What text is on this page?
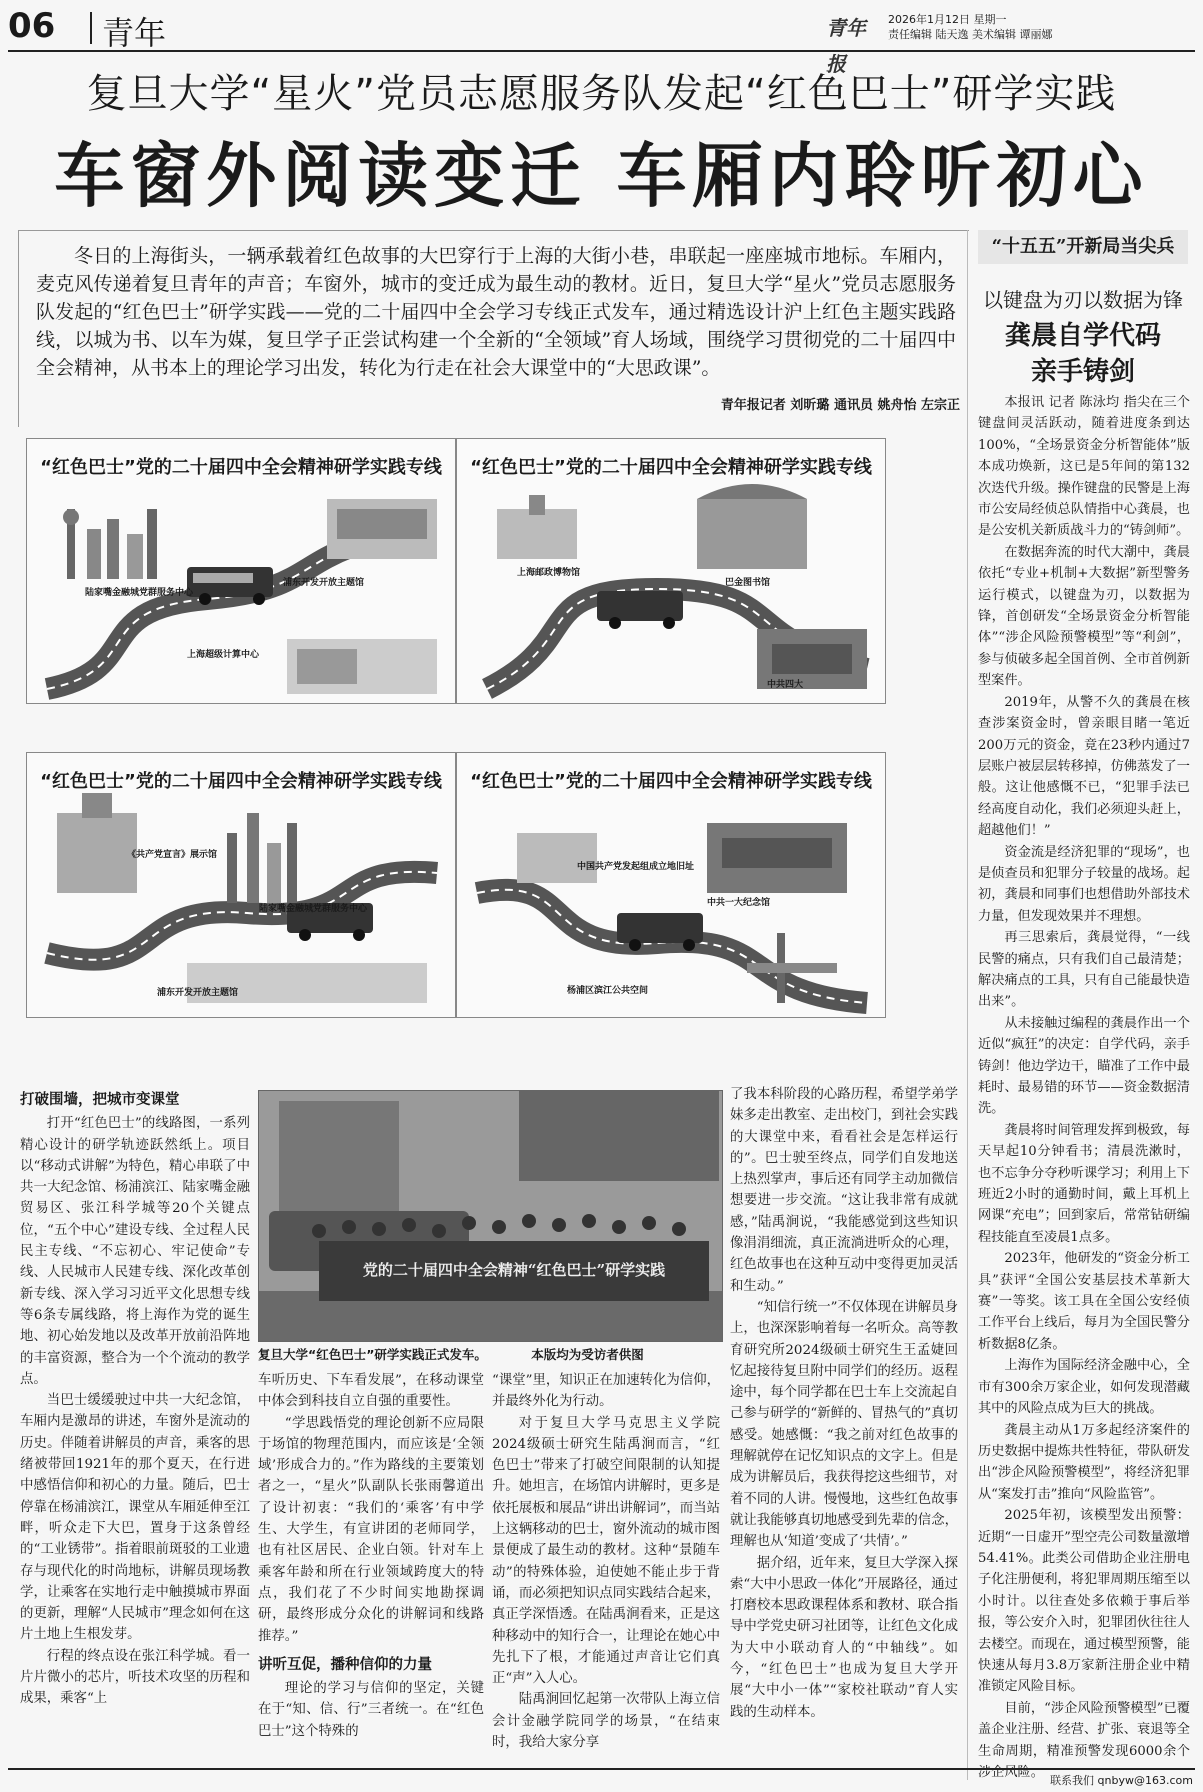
06 青年	青年报
2026年1月12日 星期一
责任编辑 陆天逸 美术编辑 谭丽娜
复旦大学“星火”党员志愿服务队发起“红色巴士”研学实践
车窗外阅读变迁 车厢内聆听初心
冬日的上海街头，一辆承载着红色故事的大巴穿行于上海的大街小巷，串联起一座座城市地标。车厢内，麦克风传递着复旦青年的声音；车窗外，城市的变迁成为最生动的教材。近日，复旦大学“星火”党员志愿服务队发起的“红色巴士”研学实践——党的二十届四中全会学习专线正式发车，通过精选设计沪上红色主题实践路线，以城为书、以车为媒，复旦学子正尝试构建一个全新的“全领域”育人场域，围绕学习贯彻党的二十届四中全会精神，从书本上的理论学习出发，转化为行走在社会大课堂中的“大思政课”。
青年报记者 刘昕璐 通讯员 姚舟怡 左宗正
“红色巴士”党的二十届四中全会精神研学实践专线
陆家嘴金融城党群服务中心
浦东开发开放主题馆
上海超级计算中心
“红色巴士”党的二十届四中全会精神研学实践专线
上海邮政博物馆
巴金图书馆
中共四大
“红色巴士”党的二十届四中全会精神研学实践专线
《共产党宣言》展示馆
陆家嘴金融城党群服务中心
浦东开发开放主题馆
“红色巴士”党的二十届四中全会精神研学实践专线
中国共产党发起组成立地旧址
中共一大纪念馆
杨浦区滨江公共空间
党的二十届四中全会精神“红色巴士”研学实践
复旦大学“红色巴士”研学实践正式发车。	本版均为受访者供图
打破围墙，把城市变课堂

打开“红色巴士”的线路图，一系列精心设计的研学轨迹跃然纸上。项目以“移动式讲解”为特色，精心串联了中共一大纪念馆、杨浦滨江、陆家嘴金融贸易区、张江科学城等20个关键点位，“五个中心”建设专线、全过程人民民主专线、“不忘初心、牢记使命”专线、人民城市人民建专线、深化改革创新专线、深入学习习近平文化思想专线等6条专属线路，将上海作为党的诞生地、初心始发地以及改革开放前沿阵地的丰富资源，整合为一个个流动的教学点。

当巴士缓缓驶过中共一大纪念馆，车厢内是激昂的讲述，车窗外是流动的历史。伴随着讲解员的声音，乘客的思绪被带回1921年的那个夏天，在行进中感悟信仰和初心的力量。随后，巴士停靠在杨浦滨江，课堂从车厢延伸至江畔，听众走下大巴，置身于这条曾经的“工业锈带”。指着眼前斑驳的工业遗存与现代化的时尚地标，讲解员现场教学，让乘客在实地行走中触摸城市界面的更新，理解“人民城市”理念如何在这片土地上生根发芽。

行程的终点设在张江科学城。看一片片微小的芯片，听技术攻坚的历程和成果，乘客“上

车听历史、下车看发展”，在移动课堂中体会到科技自立自强的重要性。

“学思践悟党的理论创新不应局限于场馆的物理范围内，而应该是‘全领域’形成合力的。”作为路线的主要策划者之一，“星火”队副队长张雨馨道出了设计初衷：“我们的‘乘客’有中学生、大学生，有宣讲团的老师同学，也有社区居民、企业白领。针对车上乘客年龄和所在行业领域跨度大的特点，我们花了不少时间实地勘探调研，最终形成分众化的讲解词和线路推荐。”

讲听互促，播种信仰的力量

理论的学习与信仰的坚定，关键在于“知、信、行”三者统一。在“红色巴士”这个特殊的

“课堂”里，知识正在加速转化为信仰，并最终外化为行动。

对于复旦大学马克思主义学院2024级硕士研究生陆禹涧而言，“红色巴士”带来了打破空间限制的认知提升。她坦言，在场馆内讲解时，更多是依托展板和展品“讲出讲解词”，而当站上这辆移动的巴士，窗外流动的城市图景便成了最生动的教材。这种“景随车动”的特殊体验，迫使她不能止步于背诵，而必须把知识点同实践结合起来，真正学深悟透。在陆禹涧看来，正是这种移动中的知行合一，让理论在她心中先扎下了根，才能通过声音让它们真正“声”入人心。

陆禹涧回忆起第一次带队上海立信会计金融学院同学的场景，“在结束时，我给大家分享

了我本科阶段的心路历程，希望学弟学妹多走出教室、走出校门，到社会实践的大课堂中来，看看社会是怎样运行的”。巴士驶至终点，同学们自发地送上热烈掌声，事后还有同学主动加微信想要进一步交流。“这让我非常有成就感，”陆禹涧说，“我能感觉到这些知识像涓涓细流，真正流淌进听众的心理，红色故事也在这种互动中变得更加灵活和生动。”

“知信行统一”不仅体现在讲解员身上，也深深影响着每一名听众。高等教育研究所2024级硕士研究生王孟婕回忆起接待复旦附中同学们的经历。返程途中，每个同学都在巴士车上交流起自己参与研学的“新鲜的、冒热气的”真切感受。她感慨：“我之前对红色故事的理解就停在记忆知识点的文字上。但是成为讲解员后，我获得挖这些细节，对着不同的人讲。慢慢地，这些红色故事就让我能够真切地感受到先辈的信念，理解也从‘知道’变成了‘共情’。”

据介绍，近年来，复旦大学深入探索“大中小思政一体化”开展路径，通过打磨校本思政课程体系和教材、联合指导中学党史研习社团等，让红色文化成为大中小联动育人的“中轴线”。如今，“红色巴士”也成为复旦大学开展“大中小一体”“家校社联动”育人实践的生动样本。

“十五五”开新局当尖兵
以键盘为刃以数据为锋
龚晨自学代码
亲手铸剑

本报讯 记者 陈泳均 指尖在三个键盘间灵活跃动，随着进度条到达100%，“全场景资金分析智能体”版本成功焕新，这已是5年间的第132次迭代升级。操作键盘的民警是上海市公安局经侦总队情指中心龚晨，也是公安机关新质战斗力的“铸剑师”。

在数据奔流的时代大潮中，龚晨依托“专业+机制+大数据”新型警务运行模式，以键盘为刃，以数据为锋，首创研发“全场景资金分析智能体”“涉企风险预警模型”等“利剑”，参与侦破多起全国首例、全市首例新型案件。

2019年，从警不久的龚晨在核查涉案资金时，曾亲眼目睹一笔近200万元的资金，竟在23秒内通过7层账户被层层转移掉，仿佛蒸发了一般。这让他感慨不已，“犯罪手法已经高度自动化，我们必须迎头赶上，超越他们！”

资金流是经济犯罪的“现场”，也是侦查员和犯罪分子较量的战场。起初，龚晨和同事们也想借助外部技术力量，但发现效果并不理想。

再三思索后，龚晨觉得，“一线民警的痛点，只有我们自己最清楚；解决痛点的工具，只有自己能最快造出来”。

从未接触过编程的龚晨作出一个近似“疯狂”的决定：自学代码，亲手铸剑！他边学边干，瞄准了工作中最耗时、最易错的环节——资金数据清洗。

龚晨将时间管理发挥到极致，每天早起10分钟看书；清晨洗漱时，也不忘争分夺秒听课学习；利用上下班近2小时的通勤时间，戴上耳机上网课“充电”；回到家后，常常钻研编程技能直至凌晨1点多。

2023年，他研发的“资金分析工具”获评“全国公安基层技术革新大赛”一等奖。该工具在全国公安经侦工作平台上线后，每月为全国民警分析数据8亿条。

上海作为国际经济金融中心，全市有300余万家企业，如何发现潜藏其中的风险点成为巨大的挑战。

龚晨主动从1万多起经济案件的历史数据中提炼共性特征，带队研发出“涉企风险预警模型”，将经济犯罪从“案发打击”推向“风险监管”。

2025年初，该模型发出预警：近期“一日虚开”型空壳公司数量激增54.41%。此类公司借助企业注册电子化注册便利，将犯罪周期压缩至以小时计。以往查处多依赖于事后举报，等公安介入时，犯罪团伙往往人去楼空。而现在，通过模型预警，能快速从每月3.8万家新注册企业中精准锁定风险目标。

目前，“涉企风险预警模型”已覆盖企业注册、经营、扩张、衰退等全生命周期，精准预警发现6000余个涉企风险。

联系我们 qnbyw@163.com
